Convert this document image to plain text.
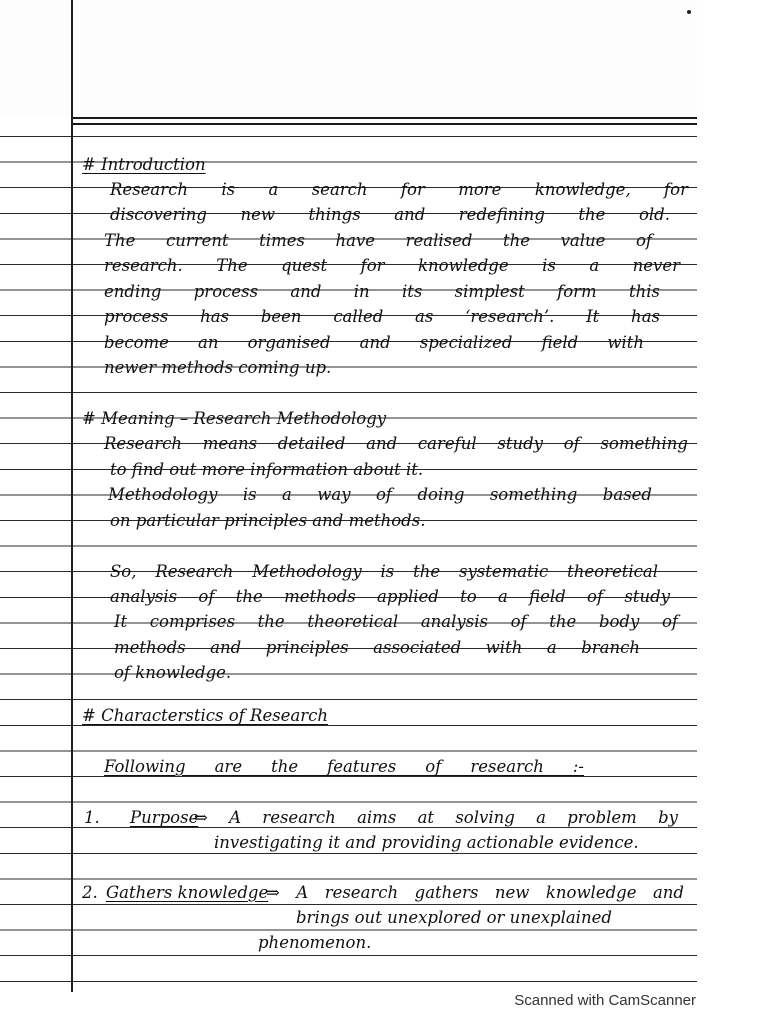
# Introduction

Research is a search for more knowledge, for

discovering new things and redefining the old.

The current times have realised the value of

research. The quest for knowledge is a never

ending process and in its simplest form this

process has been called as ‘research’. It has

become an organised and specialized field with

newer methods coming up.

# Meaning – Research Methodology

Research means detailed and careful study of something

to find out more information about it.

Methodology is a way of doing something based

on particular principles and methods.

So, Research Methodology is the systematic theoretical

analysis of the methods applied to a field of study

It comprises the theoretical analysis of the body of

methods and principles associated with a branch

of knowledge.

# Characterstics of Research

Following are the features of research :-

1. Purpose

⇒ A research aims at solving a problem by

investigating it and providing actionable evidence.

2. Gathers knowledge

⇒ A research gathers new knowledge and

brings out unexplored or unexplained

phenomenon.

Scanned with CamScanner
